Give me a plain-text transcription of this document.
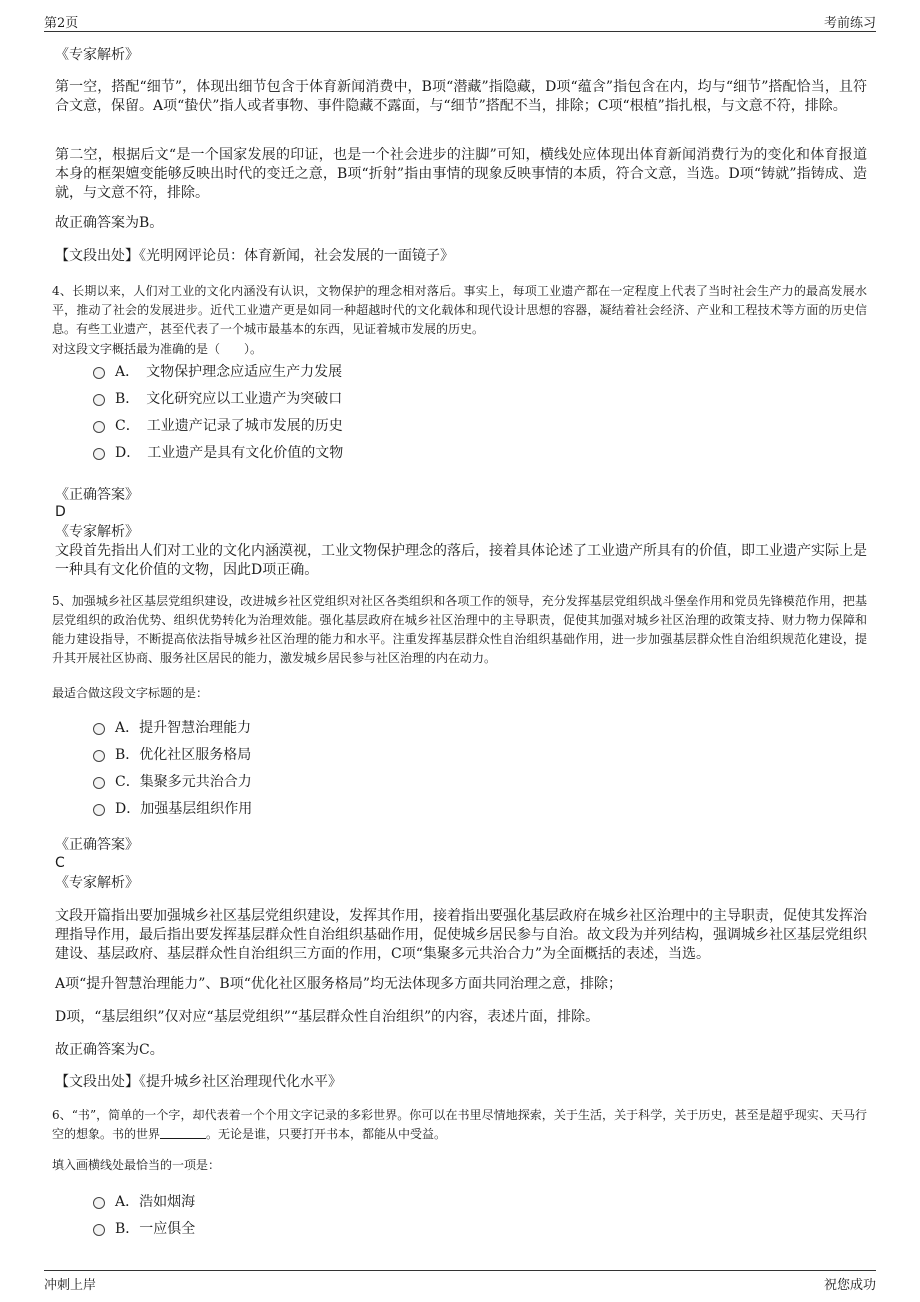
第2页	考前练习
《专家解析》
第一空，搭配“细节”，体现出细节包含于体育新闻消费中，B项“潜藏”指隐藏，D项“蕴含”指包含在内，均与“细节”搭配恰当，且符合文意，保留。A项“蛰伏”指人或者事物、事件隐藏不露面，与“细节”搭配不当，排除；C项“根植”指扎根，与文意不符，排除。
第二空，根据后文“是一个国家发展的印证，也是一个社会进步的注脚”可知，横线处应体现出体育新闻消费行为的变化和体育报道本身的框架嬗变能够反映出时代的变迁之意，B项“折射”指由事情的现象反映事情的本质，符合文意，当选。D项“铸就”指铸成、造就，与文意不符，排除。
故正确答案为B。
【文段出处】《光明网评论员：体育新闻，社会发展的一面镜子》
4、长期以来，人们对工业的文化内涵没有认识，文物保护的理念相对落后。事实上，每项工业遗产都在一定程度上代表了当时社会生产力的最高发展水平，推动了社会的发展进步。近代工业遗产更是如同一种超越时代的文化载体和现代设计思想的容器，凝结着社会经济、产业和工程技术等方面的历史信息。有些工业遗产，甚至代表了一个城市最基本的东西，见证着城市发展的历史。
对这段文字概括最为准确的是（　　）。
A．　文物保护理念应适应生产力发展
B．　文化研究应以工业遗产为突破口
C．　工业遗产记录了城市发展的历史
D．　工业遗产是具有文化价值的文物
《正确答案》
D
《专家解析》
文段首先指出人们对工业的文化内涵漠视，工业文物保护理念的落后，接着具体论述了工业遗产所具有的价值，即工业遗产实际上是一种具有文化价值的文物，因此D项正确。
5、加强城乡社区基层党组织建设，改进城乡社区党组织对社区各类组织和各项工作的领导，充分发挥基层党组织战斗堡垒作用和党员先锋模范作用，把基层党组织的政治优势、组织优势转化为治理效能。强化基层政府在城乡社区治理中的主导职责，促使其加强对城乡社区治理的政策支持、财力物力保障和能力建设指导，不断提高依法指导城乡社区治理的能力和水平。注重发挥基层群众性自治组织基础作用，进一步加强基层群众性自治组织规范化建设，提升其开展社区协商、服务社区居民的能力，激发城乡居民参与社区治理的内在动力。
最适合做这段文字标题的是：
A．提升智慧治理能力
B．优化社区服务格局
C．集聚多元共治合力
D．加强基层组织作用
《正确答案》
C
《专家解析》
文段开篇指出要加强城乡社区基层党组织建设，发挥其作用，接着指出要强化基层政府在城乡社区治理中的主导职责，促使其发挥治理指导作用，最后指出要发挥基层群众性自治组织基础作用，促使城乡居民参与自治。故文段为并列结构，强调城乡社区基层党组织建设、基层政府、基层群众性自治组织三方面的作用，C项“集聚多元共治合力”为全面概括的表述，当选。
A项“提升智慧治理能力”、B项“优化社区服务格局”均无法体现多方面共同治理之意，排除；
D项，“基层组织”仅对应“基层党组织”“基层群众性自治组织”的内容，表述片面，排除。
故正确答案为C。
【文段出处】《提升城乡社区治理现代化水平》
6、“书”，简单的一个字，却代表着一个个用文字记录的多彩世界。你可以在书里尽情地探索，关于生活，关于科学，关于历史，甚至是超乎现实、天马行空的想象。书的世界	。无论是谁，只要打开书本，都能从中受益。
填入画横线处最恰当的一项是：
A．浩如烟海
B．一应俱全
冲刺上岸	祝您成功
